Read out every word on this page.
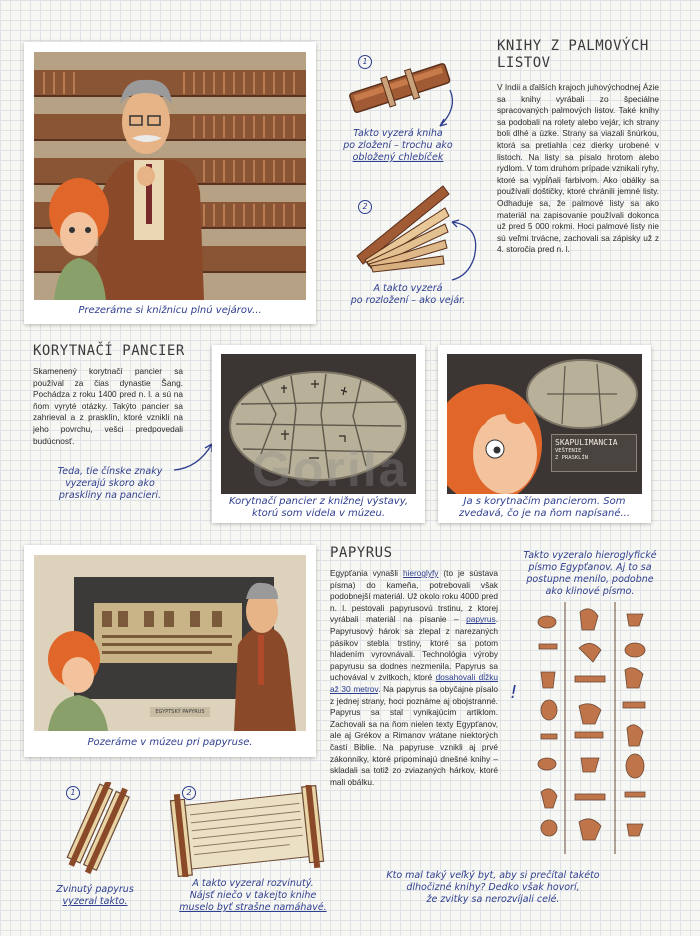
Prezeráme si knižnicu plnú vejárov...
1
Takto vyzerá kniha
po zložení – trochu ako
obložený chlebíček
2
A takto vyzerá
po rozložení – ako vejár.
KNIHY Z PALMOVÝCH
LISTOV
V Indii a ďalších krajoch juhovýchodnej Ázie sa knihy vyrábali zo špeciálne spracovaných palmových listov. Také knihy sa podobali na rolety alebo vejár, ich strany boli dlhé a úzke. Strany sa viazali šnúrkou, ktorá sa pretiahla cez dierky urobené v listoch. Na listy sa písalo hrotom alebo rydlom. V tom druhom prípade vznikali ryhy, ktoré sa vypĺňali farbivom. Ako obálky sa používali doštičky, ktoré chránili jemné listy. Odhaduje sa, že palmové listy sa ako materiál na zapisovanie používali dokonca už pred 5 000 rokmi. Hoci palmové listy nie sú veľmi trvácne, zachovali sa zápisky už z 4. storočia pred n. l.
KORYTNAČÍ PANCIER
Skamenený korytnačí pancier sa používal za čias dynastie Šang. Pochádza z roku 1400 pred n. l. a sú na ňom vyryté otázky. Takýto pancier sa zahrieval a z prasklín, ktoré vznikli na jeho povrchu, vešci predpovedali budúcnosť.
Teda, tie čínske znaky vyzerajú skoro ako praskliny na pancieri.
Korytnačí pancier z knižnej výstavy,
ktorú som videla v múzeu.
SKAPULIMANCIA
VEŠTENIE
Z PRASKLÍN
Ja s korytnačím pancierom. Som
zvedavá, čo je na ňom napísané...
Gorila
EGYPTSKÝ PAPYRUS
Pozeráme v múzeu pri papyruse.
PAPYRUS
Egypťania vynašli hieroglyfy (to je sústava písma) do kameňa, potrebovali však podobnejší materiál. Už okolo roku 4000 pred n. l. pestovali papyrusovú trstinu, z ktorej vyrábali materiál na písanie – papyrus. Papyrusový hárok sa zlepal z narezaných pásikov stebla trstiny, ktoré sa potom hladením vyrovnávali. Technológia výroby papyrusu sa dodnes nezmenila. Papyrus sa uchovával v zvitkoch, ktoré dosahovali dĺžku až 30 metrov. Na papyrus sa obyčajne písalo z jednej strany, hoci poznáme aj obojstranné. Papyrus sa stal vynikajúcim artiklom. Zachovali sa na ňom nielen texty Egypťanov, ale aj Grékov a Rimanov vrátane niektorých častí Biblie. Na papyruse vznikli aj prvé zákonníky, ktoré pripomínajú dnešné knihy – skladali sa totiž zo zviazaných hárkov, ktoré mali obálku.
!
Takto vyzeralo hieroglyfické
písmo Egypťanov. Aj to sa
postupne menilo, podobne
ako klinové písmo.
1
Zvinutý papyrus
vyzeral takto.
2
A takto vyzeral rozvinutý.
Nájsť niečo v takejto knihe
muselo byť strašne namáhavé.
Kto mal taký veľký byt, aby si prečítal takéto
dlhočizné knihy? Dedko však hovorí,
že zvitky sa nerozvíjali celé.
